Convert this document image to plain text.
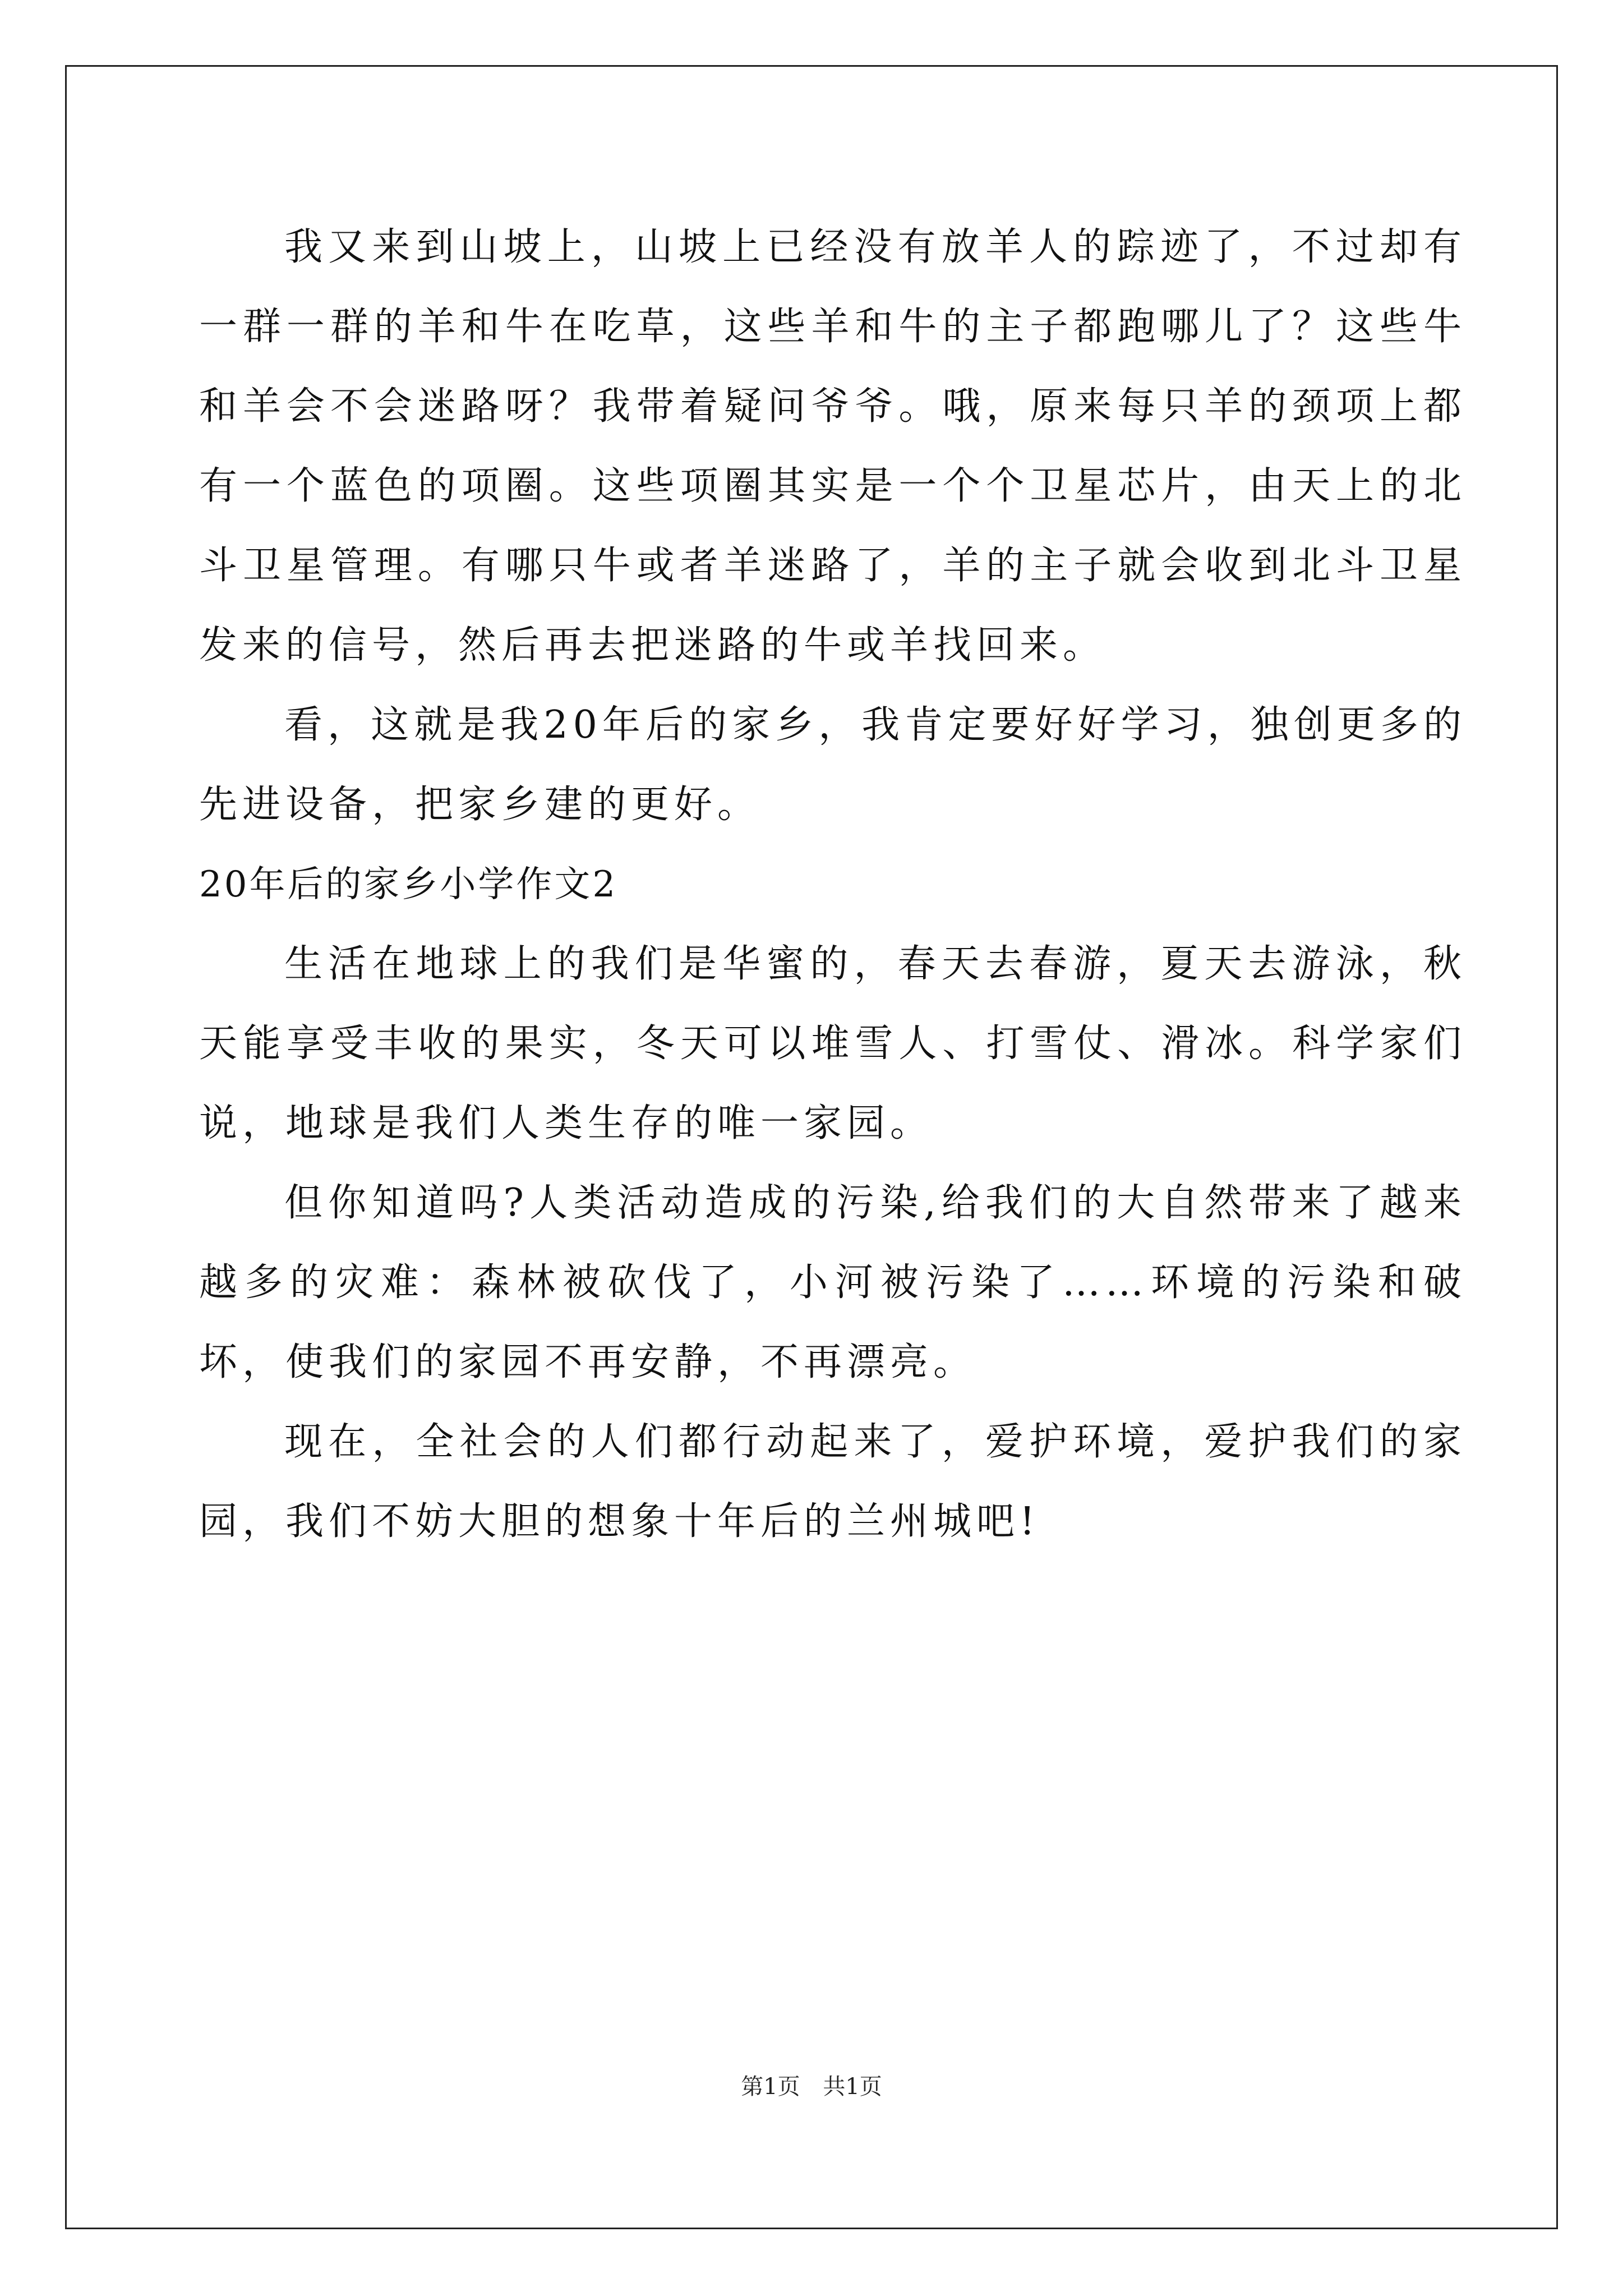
我又来到山坡上，山坡上已经没有放羊人的踪迹了，不过却有一群一群的羊和牛在吃草，这些羊和牛的主子都跑哪儿了？这些牛和羊会不会迷路呀？我带着疑问爷爷。哦，原来每只羊的颈项上都有一个蓝色的项圈。这些项圈其实是一个个卫星芯片，由天上的北斗卫星管理。有哪只牛或者羊迷路了，羊的主子就会收到北斗卫星发来的信号，然后再去把迷路的牛或羊找回来。

看，这就是我20年后的家乡，我肯定要好好学习，独创更多的先进设备，把家乡建的更好。

20年后的家乡小学作文2

生活在地球上的我们是华蜜的，春天去春游，夏天去游泳，秋天能享受丰收的果实，冬天可以堆雪人、打雪仗、滑冰。科学家们说，地球是我们人类生存的唯一家园。

但你知道吗?人类活动造成的污染,给我们的大自然带来了越来越多的灾难：森林被砍伐了，小河被污染了……环境的污染和破坏，使我们的家园不再安静，不再漂亮。

现在，全社会的人们都行动起来了，爱护环境，爱护我们的家园，我们不妨大胆的想象十年后的兰州城吧!

第1页 共1页
